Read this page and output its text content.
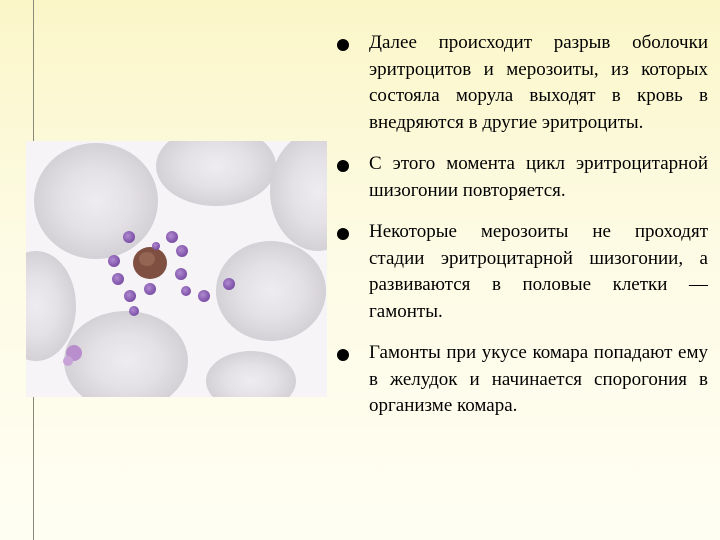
Далее происходит разрыв оболочки эритроцитов и мерозоиты, из которых состояла морула выходят в кровь в внедряются в другие эритроциты.

С этого момента цикл эритроцитарной шизогонии повторяется.

Некоторые мерозоиты не проходят стадии эритроцитарной шизогонии, а развиваются в половые клетки — гамонты.

Гамонты при укусе комара попадают ему в желудок и начинается спорогония в организме комара.
